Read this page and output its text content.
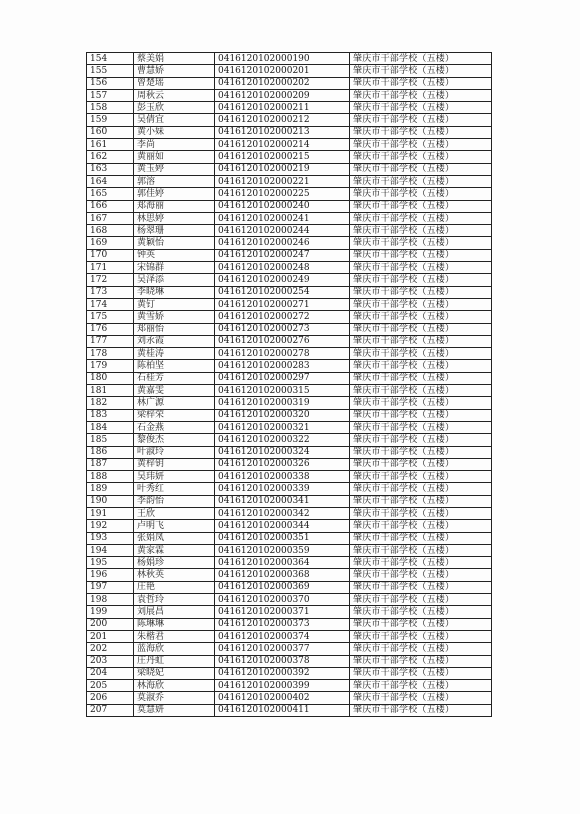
154	蔡美娟	0416120102000190	肇庆市干部学校（五楼）
155	曹慧娇	0416120102000201	肇庆市干部学校（五楼）
156	曾楚瑶	0416120102000202	肇庆市干部学校（五楼）
157	周秋云	0416120102000209	肇庆市干部学校（五楼）
158	彭玉欣	0416120102000211	肇庆市干部学校（五楼）
159	吴倩宜	0416120102000212	肇庆市干部学校（五楼）
160	黄小妹	0416120102000213	肇庆市干部学校（五楼）
161	李尚	0416120102000214	肇庆市干部学校（五楼）
162	黄丽如	0416120102000215	肇庆市干部学校（五楼）
163	黄玉婷	0416120102000219	肇庆市干部学校（五楼）
164	郭溶	0416120102000221	肇庆市干部学校（五楼）
165	郭佳婷	0416120102000225	肇庆市干部学校（五楼）
166	郑海丽	0416120102000240	肇庆市干部学校（五楼）
167	林思婷	0416120102000241	肇庆市干部学校（五楼）
168	杨翠珊	0416120102000244	肇庆市干部学校（五楼）
169	黄颖怡	0416120102000246	肇庆市干部学校（五楼）
170	钟英	0416120102000247	肇庆市干部学校（五楼）
171	宋锦群	0416120102000248	肇庆市干部学校（五楼）
172	吴泽添	0416120102000249	肇庆市干部学校（五楼）
173	李晓琳	0416120102000254	肇庆市干部学校（五楼）
174	黄钉	0416120102000271	肇庆市干部学校（五楼）
175	黄雪娇	0416120102000272	肇庆市干部学校（五楼）
176	郑丽怡	0416120102000273	肇庆市干部学校（五楼）
177	刘永霞	0416120102000276	肇庆市干部学校（五楼）
178	黄桂涛	0416120102000278	肇庆市干部学校（五楼）
179	陈柏坚	0416120102000283	肇庆市干部学校（五楼）
180	石桂芳	0416120102000297	肇庆市干部学校（五楼）
181	黄嘉雯	0416120102000315	肇庆市干部学校（五楼）
182	林广源	0416120102000319	肇庆市干部学校（五楼）
183	梁梓荣	0416120102000320	肇庆市干部学校（五楼）
184	石金燕	0416120102000321	肇庆市干部学校（五楼）
185	黎俊杰	0416120102000322	肇庆市干部学校（五楼）
186	叶淑玲	0416120102000324	肇庆市干部学校（五楼）
187	黄梓钥	0416120102000326	肇庆市干部学校（五楼）
188	吴玮妍	0416120102000338	肇庆市干部学校（五楼）
189	叶秀红	0416120102000339	肇庆市干部学校（五楼）
190	李韵怡	0416120102000341	肇庆市干部学校（五楼）
191	王欣	0416120102000342	肇庆市干部学校（五楼）
192	卢明飞	0416120102000344	肇庆市干部学校（五楼）
193	张娟凤	0416120102000351	肇庆市干部学校（五楼）
194	黄家霖	0416120102000359	肇庆市干部学校（五楼）
195	杨娟珍	0416120102000364	肇庆市干部学校（五楼）
196	林秋英	0416120102000368	肇庆市干部学校（五楼）
197	庄艳	0416120102000369	肇庆市干部学校（五楼）
198	袁哲玲	0416120102000370	肇庆市干部学校（五楼）
199	刘展昌	0416120102000371	肇庆市干部学校（五楼）
200	陈琳琳	0416120102000373	肇庆市干部学校（五楼）
201	朱楷君	0416120102000374	肇庆市干部学校（五楼）
202	蓝海欣	0416120102000377	肇庆市干部学校（五楼）
203	庄丹虹	0416120102000378	肇庆市干部学校（五楼）
204	梁晓妃	0416120102000392	肇庆市干部学校（五楼）
205	林海欣	0416120102000399	肇庆市干部学校（五楼）
206	莫淑乔	0416120102000402	肇庆市干部学校（五楼）
207	莫慧妍	0416120102000411	肇庆市干部学校（五楼）
